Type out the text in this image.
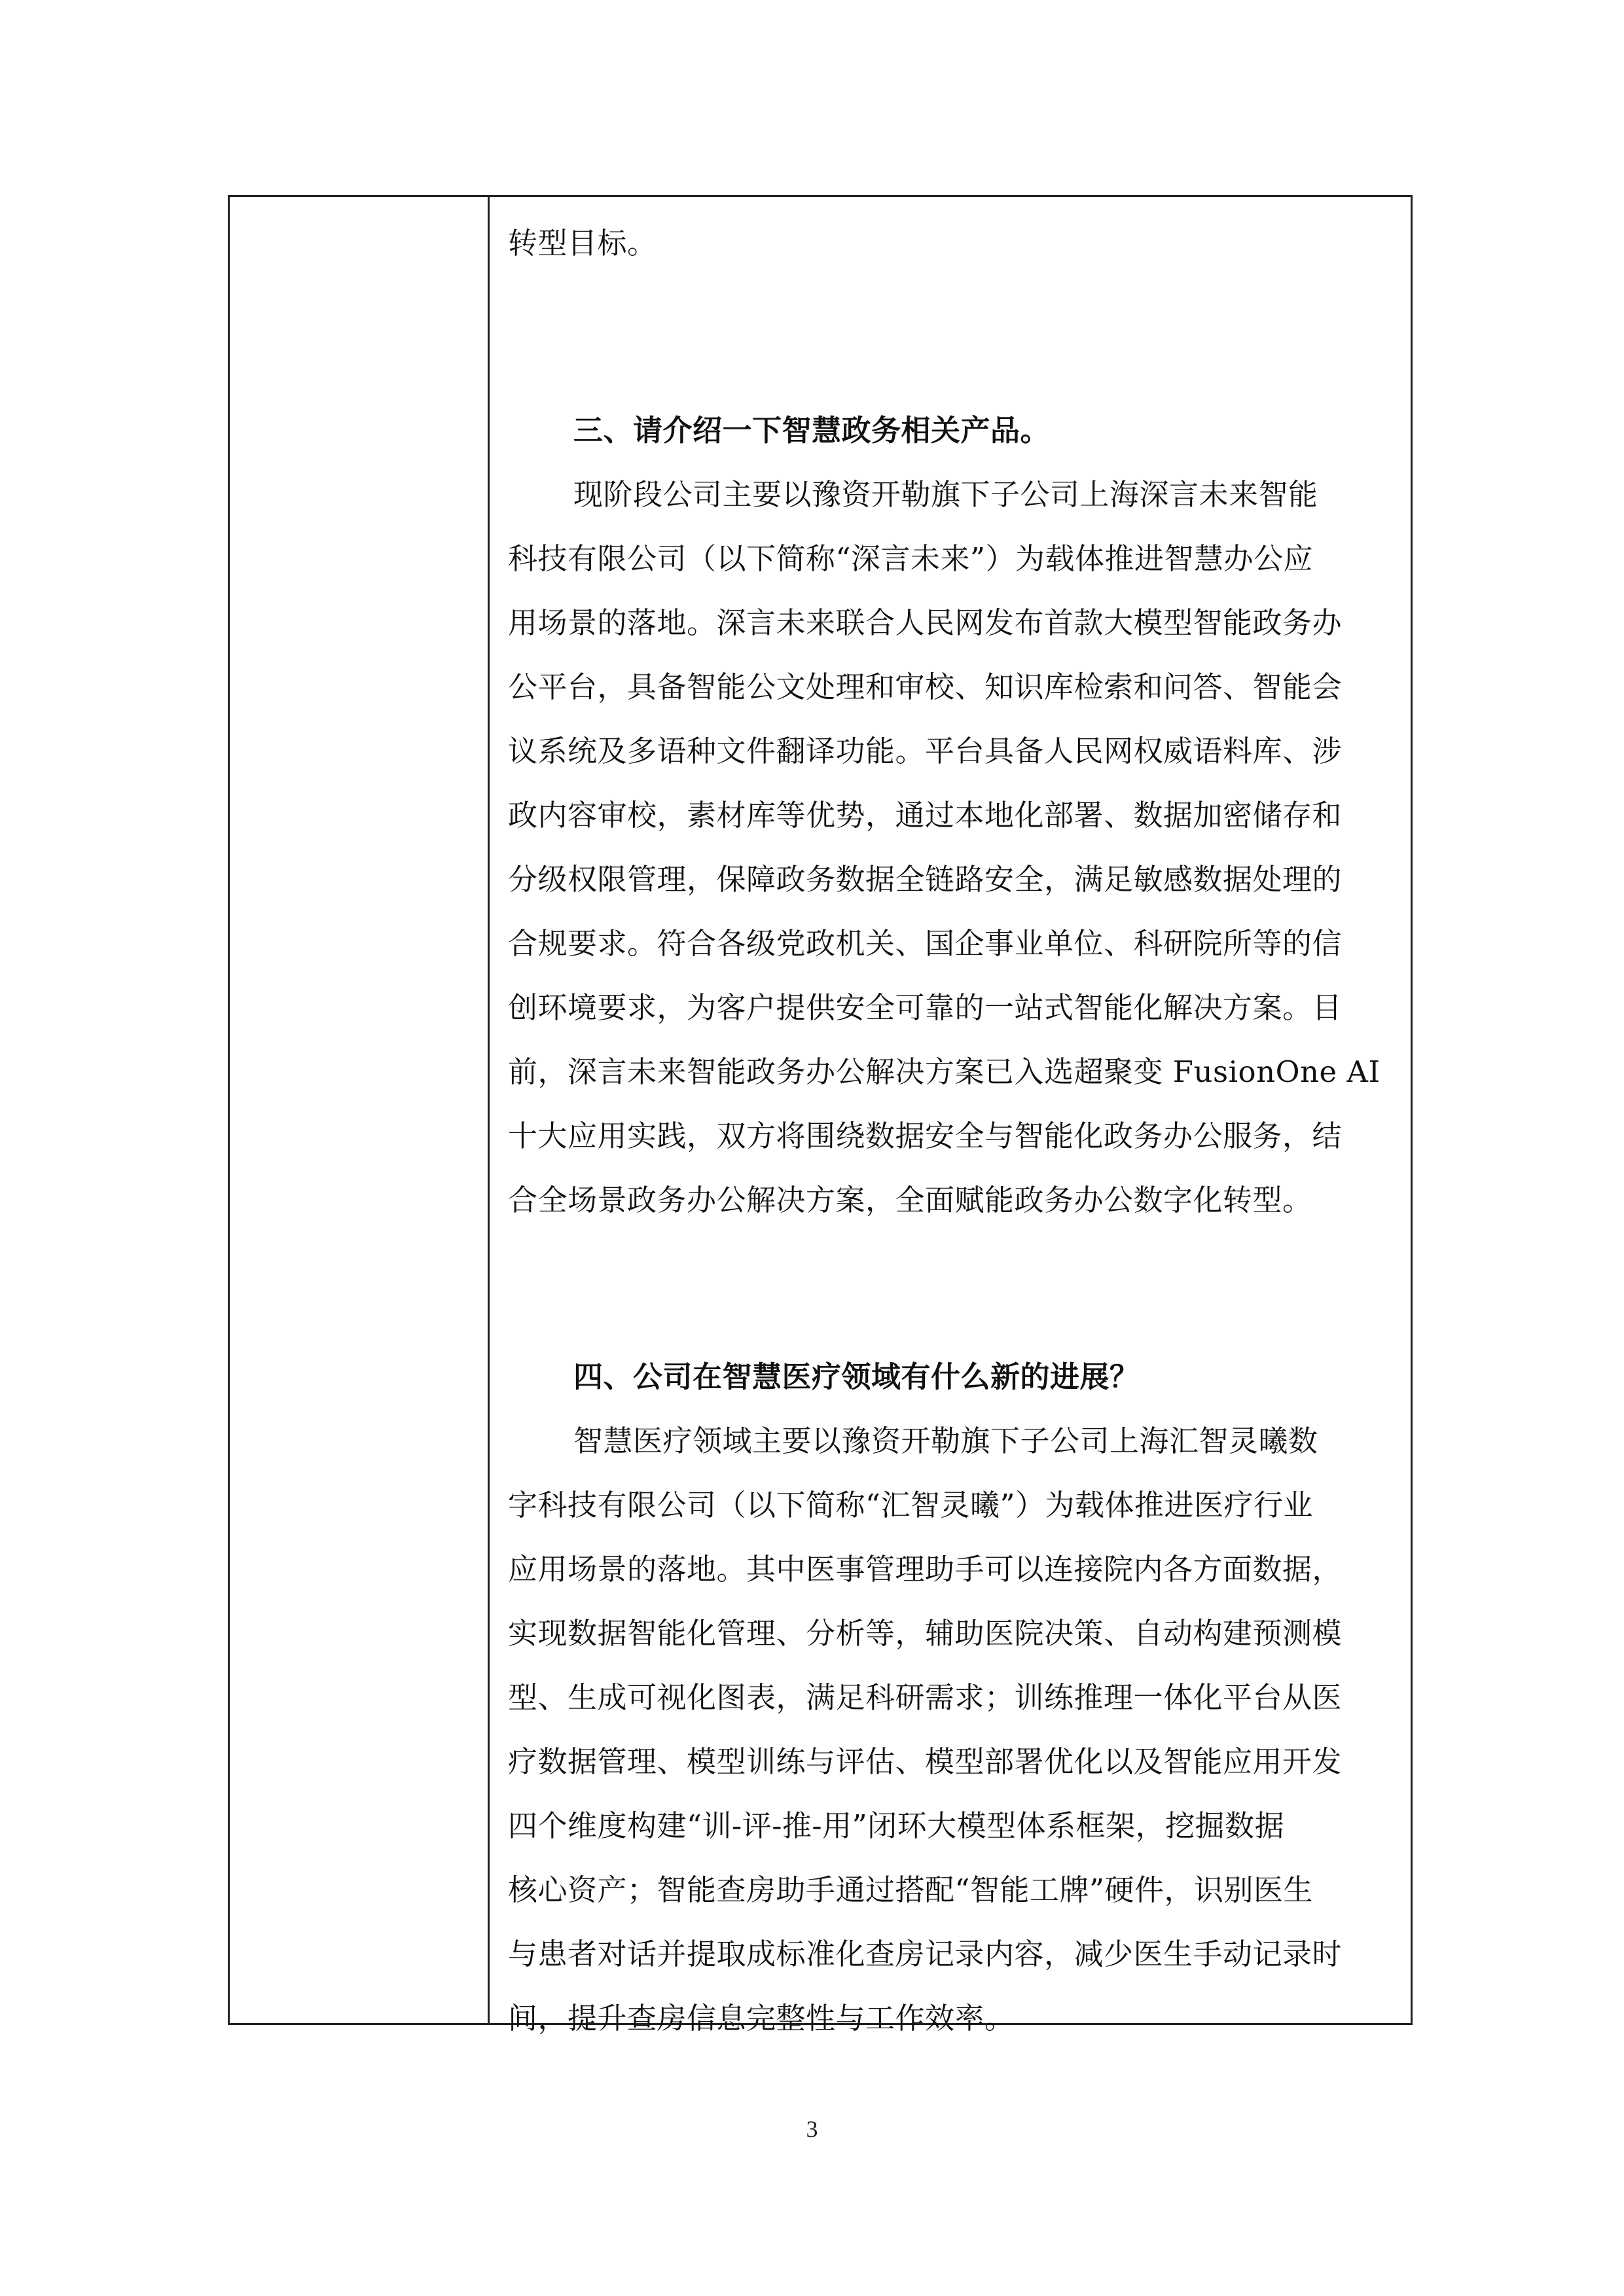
转型目标。
三、请介绍一下智慧政务相关产品。
现阶段公司主要以豫资开勒旗下子公司上海深言未来智能
科技有限公司（以下简称“深言未来”）为载体推进智慧办公应
用场景的落地。深言未来联合人民网发布首款大模型智能政务办
公平台，具备智能公文处理和审校、知识库检索和问答、智能会
议系统及多语种文件翻译功能。平台具备人民网权威语料库、涉
政内容审校，素材库等优势，通过本地化部署、数据加密储存和
分级权限管理，保障政务数据全链路安全，满足敏感数据处理的
合规要求。符合各级党政机关、国企事业单位、科研院所等的信
创环境要求，为客户提供安全可靠的一站式智能化解决方案。目
前，深言未来智能政务办公解决方案已入选超聚变 FusionOne AI
十大应用实践，双方将围绕数据安全与智能化政务办公服务，结
合全场景政务办公解决方案，全面赋能政务办公数字化转型。
四、公司在智慧医疗领域有什么新的进展？
智慧医疗领域主要以豫资开勒旗下子公司上海汇智灵曦数
字科技有限公司（以下简称“汇智灵曦”）为载体推进医疗行业
应用场景的落地。其中医事管理助手可以连接院内各方面数据，
实现数据智能化管理、分析等，辅助医院决策、自动构建预测模
型、生成可视化图表，满足科研需求；训练推理一体化平台从医
疗数据管理、模型训练与评估、模型部署优化以及智能应用开发
四个维度构建“训-评-推-用”闭环大模型体系框架，挖掘数据
核心资产；智能查房助手通过搭配“智能工牌”硬件，识别医生
与患者对话并提取成标准化查房记录内容，减少医生手动记录时
间，提升查房信息完整性与工作效率。
3
